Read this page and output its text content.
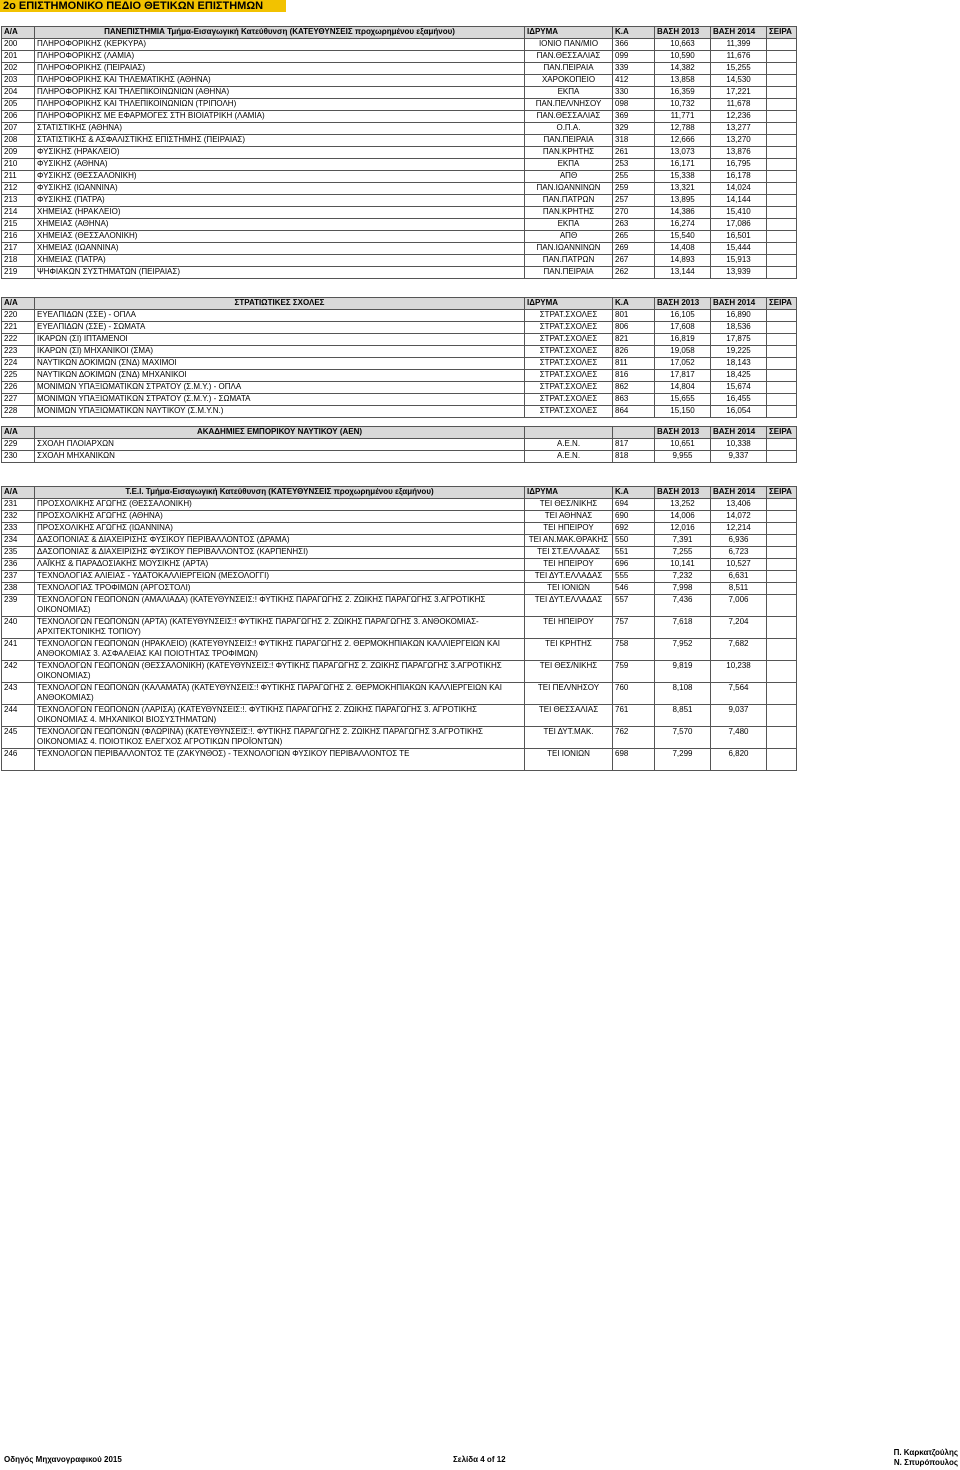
2ο ΕΠΙΣΤΗΜΟΝΙΚΟ ΠΕΔΙΟ ΘΕΤΙΚΩΝ ΕΠΙΣΤΗΜΩΝ
Α/Α	ΠΑΝΕΠΙΣΤΗΜΙΑ Τμήμα-Εισαγωγική Κατεύθυνση (ΚΑΤΕΥΘΥΝΣΕΙΣ προχωρημένου εξαμήνου)	ΙΔΡΥΜΑ	Κ.Α	ΒΑΣΗ 2013	ΒΑΣΗ 2014	ΣΕΙΡΑ
200	ΠΛΗΡΟΦΟΡΙΚΗΣ (ΚΕΡΚΥΡΑ)	ΙΟΝΙΟ ΠΑΝ/ΜΙΟ	366	10,663	11,399	
201	ΠΛΗΡΟΦΟΡΙΚΗΣ (ΛΑΜΙΑ)	ΠΑΝ.ΘΕΣΣΑΛΙΑΣ	099	10,590	11,676	
202	ΠΛΗΡΟΦΟΡΙΚΗΣ (ΠΕΙΡΑΙΑΣ)	ΠΑΝ.ΠΕΙΡΑΙΑ	339	14,382	15,255	
203	ΠΛΗΡΟΦΟΡΙΚΗΣ ΚΑΙ ΤΗΛΕΜΑΤΙΚΗΣ (ΑΘΗΝΑ)	ΧΑΡΟΚΟΠΕΙΟ	412	13,858	14,530	
204	ΠΛΗΡΟΦΟΡΙΚΗΣ ΚΑΙ ΤΗΛΕΠΙΚΟΙΝΩΝΙΩΝ (ΑΘΗΝΑ)	ΕΚΠΑ	330	16,359	17,221	
205	ΠΛΗΡΟΦΟΡΙΚΗΣ ΚΑΙ ΤΗΛΕΠΙΚΟΙΝΩΝΙΩΝ (ΤΡΙΠΟΛΗ)	ΠΑΝ.ΠΕΛ/ΝΗΣΟΥ	098	10,732	11,678	
206	ΠΛΗΡΟΦΟΡΙΚΗΣ ΜΕ ΕΦΑΡΜΟΓΕΣ ΣΤΗ ΒΙΟΙΑΤΡΙΚΗ (ΛΑΜΙΑ)	ΠΑΝ.ΘΕΣΣΑΛΙΑΣ	369	11,771	12,236	
207	ΣΤΑΤΙΣΤΙΚΗΣ (ΑΘΗΝΑ)	Ο.Π.Α.	329	12,788	13,277	
208	ΣΤΑΤΙΣΤΙΚΗΣ & ΑΣΦΑΛΙΣΤΙΚΗΣ ΕΠΙΣΤΗΜΗΣ (ΠΕΙΡΑΙΑΣ)	ΠΑΝ.ΠΕΙΡΑΙΑ	318	12,666	13,270	
209	ΦΥΣΙΚΗΣ (ΗΡΑΚΛΕΙΟ)	ΠΑΝ.ΚΡΗΤΗΣ	261	13,073	13,876	
210	ΦΥΣΙΚΗΣ (ΑΘΗΝΑ)	ΕΚΠΑ	253	16,171	16,795	
211	ΦΥΣΙΚΗΣ (ΘΕΣΣΑΛΟΝΙΚΗ)	ΑΠΘ	255	15,338	16,178	
212	ΦΥΣΙΚΗΣ (ΙΩΑΝΝΙΝΑ)	ΠΑΝ.ΙΩΑΝΝΙΝΩΝ	259	13,321	14,024	
213	ΦΥΣΙΚΗΣ (ΠΑΤΡΑ)	ΠΑΝ.ΠΑΤΡΩΝ	257	13,895	14,144	
214	ΧΗΜΕΙΑΣ (ΗΡΑΚΛΕΙΟ)	ΠΑΝ.ΚΡΗΤΗΣ	270	14,386	15,410	
215	ΧΗΜΕΙΑΣ (ΑΘΗΝΑ)	ΕΚΠΑ	263	16,274	17,086	
216	ΧΗΜΕΙΑΣ (ΘΕΣΣΑΛΟΝΙΚΗ)	ΑΠΘ	265	15,540	16,501	
217	ΧΗΜΕΙΑΣ (ΙΩΑΝΝΙΝΑ)	ΠΑΝ.ΙΩΑΝΝΙΝΩΝ	269	14,408	15,444	
218	ΧΗΜΕΙΑΣ (ΠΑΤΡΑ)	ΠΑΝ.ΠΑΤΡΩΝ	267	14,893	15,913	
219	ΨΗΦΙΑΚΩΝ ΣΥΣΤΗΜΑΤΩΝ (ΠΕΙΡΑΙΑΣ)	ΠΑΝ.ΠΕΙΡΑΙΑ	262	13,144	13,939	
Α/Α	ΣΤΡΑΤΙΩΤΙΚΕΣ ΣΧΟΛΕΣ	ΙΔΡΥΜΑ	Κ.Α	ΒΑΣΗ 2013	ΒΑΣΗ 2014	ΣΕΙΡΑ
220	ΕΥΕΛΠΙΔΩΝ (ΣΣΕ) - ΟΠΛΑ	ΣΤΡΑΤ.ΣΧΟΛΕΣ	801	16,105	16,890	
221	ΕΥΕΛΠΙΔΩΝ (ΣΣΕ) - ΣΩΜΑΤΑ	ΣΤΡΑΤ.ΣΧΟΛΕΣ	806	17,608	18,536	
222	ΙΚΑΡΩΝ (ΣΙ) ΙΠΤΑΜΕΝΟΙ	ΣΤΡΑΤ.ΣΧΟΛΕΣ	821	16,819	17,875	
223	ΙΚΑΡΩΝ (ΣΙ) ΜΗΧΑΝΙΚΟΙ (ΣΜΑ)	ΣΤΡΑΤ.ΣΧΟΛΕΣ	826	19,058	19,225	
224	ΝΑΥΤΙΚΩΝ ΔΟΚΙΜΩΝ (ΣΝΔ) ΜΑΧΙΜΟΙ	ΣΤΡΑΤ.ΣΧΟΛΕΣ	811	17,052	18,143	
225	ΝΑΥΤΙΚΩΝ ΔΟΚΙΜΩΝ (ΣΝΔ) ΜΗΧΑΝΙΚΟΙ	ΣΤΡΑΤ.ΣΧΟΛΕΣ	816	17,817	18,425	
226	ΜΟΝΙΜΩΝ ΥΠΑΞΙΩΜΑΤΙΚΩΝ ΣΤΡΑΤΟΥ (Σ.Μ.Υ.) - ΟΠΛΑ	ΣΤΡΑΤ.ΣΧΟΛΕΣ	862	14,804	15,674	
227	ΜΟΝΙΜΩΝ ΥΠΑΞΙΩΜΑΤΙΚΩΝ ΣΤΡΑΤΟΥ (Σ.Μ.Υ.) - ΣΩΜΑΤΑ	ΣΤΡΑΤ.ΣΧΟΛΕΣ	863	15,655	16,455	
228	ΜΟΝΙΜΩΝ ΥΠΑΞΙΩΜΑΤΙΚΩΝ ΝΑΥΤΙΚΟΥ (Σ.Μ.Υ.Ν.)	ΣΤΡΑΤ.ΣΧΟΛΕΣ	864	15,150	16,054	
Α/Α	ΑΚΑΔΗΜΙΕΣ ΕΜΠΟΡΙΚΟΥ ΝΑΥΤΙΚΟΥ (ΑΕΝ)			ΒΑΣΗ 2013	ΒΑΣΗ 2014	ΣΕΙΡΑ
229	ΣΧΟΛΗ ΠΛΟΙΑΡΧΩΝ	Α.Ε.Ν.	817	10,651	10,338	
230	ΣΧΟΛΗ ΜΗΧΑΝΙΚΩΝ	Α.Ε.Ν.	818	9,955	9,337	
Α/Α	Τ.Ε.Ι. Τμήμα-Εισαγωγική Κατεύθυνση (ΚΑΤΕΥΘΥΝΣΕΙΣ προχωρημένου εξαμήνου)	ΙΔΡΥΜΑ	Κ.Α	ΒΑΣΗ 2013	ΒΑΣΗ 2014	ΣΕΙΡΑ
231	ΠΡΟΣΧΟΛΙΚΗΣ ΑΓΩΓΗΣ (ΘΕΣΣΑΛΟΝΙΚΗ)	ΤΕΙ ΘΕΣ/ΝΙΚΗΣ	694	13,252	13,406	
232	ΠΡΟΣΧΟΛΙΚΗΣ ΑΓΩΓΗΣ (ΑΘΗΝΑ)	ΤΕΙ ΑΘΗΝΑΣ	690	14,006	14,072	
233	ΠΡΟΣΧΟΛΙΚΗΣ ΑΓΩΓΗΣ (ΙΩΑΝΝΙΝΑ)	ΤΕΙ ΗΠΕΙΡΟΥ	692	12,016	12,214	
234	ΔΑΣΟΠΟΝΙΑΣ & ΔΙΑΧΕΙΡΙΣΗΣ ΦΥΣΙΚΟΥ ΠΕΡΙΒΑΛΛΟΝΤΟΣ (ΔΡΑΜΑ)	ΤΕΙ ΑΝ.ΜΑΚ.ΘΡΑΚΗΣ	550	7,391	6,936	
235	ΔΑΣΟΠΟΝΙΑΣ & ΔΙΑΧΕΙΡΙΣΗΣ ΦΥΣΙΚΟΥ ΠΕΡΙΒΑΛΛΟΝΤΟΣ (ΚΑΡΠΕΝΗΣΙ)	ΤΕΙ ΣΤ.ΕΛΛΑΔΑΣ	551	7,255	6,723	
236	ΛΑΪΚΗΣ & ΠΑΡΑΔΟΣΙΑΚΗΣ ΜΟΥΣΙΚΗΣ (ΑΡΤΑ)	ΤΕΙ ΗΠΕΙΡΟΥ	696	10,141	10,527	
237	ΤΕΧΝΟΛΟΓΙΑΣ ΑΛΙΕΙΑΣ - ΥΔΑΤΟΚΑΛΛΙΕΡΓΕΙΩΝ (ΜΕΣΟΛΟΓΓΙ)	ΤΕΙ ΔΥΤ.ΕΛΛΑΔΑΣ	555	7,232	6,631	
238	ΤΕΧΝΟΛΟΓΙΑΣ ΤΡΟΦΙΜΩΝ (ΑΡΓΟΣΤΟΛΙ)	ΤΕΙ ΙΟΝΙΩΝ	546	7,998	8,511	
239	ΤΕΧΝΟΛΟΓΩΝ ΓΕΩΠΟΝΩΝ (ΑΜΑΛΙΑΔΑ) (ΚΑΤΕΥΘΥΝΣΕΙΣ:! ΦΥΤΙΚΗΣ ΠΑΡΑΓΩΓΗΣ 2. ΖΩΙΚΗΣ ΠΑΡΑΓΩΓΗΣ 3.ΑΓΡΟΤΙΚΗΣ ΟΙΚΟΝΟΜΙΑΣ)	ΤΕΙ ΔΥΤ.ΕΛΛΑΔΑΣ	557	7,436	7,006	
240	ΤΕΧΝΟΛΟΓΩΝ ΓΕΩΠΟΝΩΝ (ΑΡΤΑ) (ΚΑΤΕΥΘΥΝΣΕΙΣ:! ΦΥΤΙΚΗΣ ΠΑΡΑΓΩΓΗΣ 2. ΖΩΙΚΗΣ ΠΑΡΑΓΩΓΗΣ 3. ΑΝΘΟΚΟΜΙΑΣ- ΑΡΧΙΤΕΚΤΟΝΙΚΗΣ ΤΟΠΙΟΥ)	ΤΕΙ ΗΠΕΙΡΟΥ	757	7,618	7,204	
241	ΤΕΧΝΟΛΟΓΩΝ ΓΕΩΠΟΝΩΝ (ΗΡΑΚΛΕΙΟ) (ΚΑΤΕΥΘΥΝΣΕΙΣ:! ΦΥΤΙΚΗΣ ΠΑΡΑΓΩΓΗΣ 2. ΘΕΡΜΟΚΗΠΙΑΚΩΝ ΚΑΛΛΙΕΡΓΕΙΩΝ ΚΑΙ ΑΝΘΟΚΟΜΙΑΣ 3. ΑΣΦΑΛΕΙΑΣ ΚΑΙ ΠΟΙΟΤΗΤΑΣ ΤΡΟΦΙΜΩΝ)	ΤΕΙ ΚΡΗΤΗΣ	758	7,952	7,682	
242	ΤΕΧΝΟΛΟΓΩΝ ΓΕΩΠΟΝΩΝ (ΘΕΣΣΑΛΟΝΙΚΗ) (ΚΑΤΕΥΘΥΝΣΕΙΣ:! ΦΥΤΙΚΗΣ ΠΑΡΑΓΩΓΗΣ 2. ΖΩΙΚΗΣ ΠΑΡΑΓΩΓΗΣ 3.ΑΓΡΟΤΙΚΗΣ ΟΙΚΟΝΟΜΙΑΣ)	ΤΕΙ ΘΕΣ/ΝΙΚΗΣ	759	9,819	10,238	
243	ΤΕΧΝΟΛΟΓΩΝ ΓΕΩΠΟΝΩΝ (ΚΑΛΑΜΑΤΑ) (ΚΑΤΕΥΘΥΝΣΕΙΣ:! ΦΥΤΙΚΗΣ ΠΑΡΑΓΩΓΗΣ 2. ΘΕΡΜΟΚΗΠΙΑΚΩΝ ΚΑΛΛΙΕΡΓΕΙΩΝ ΚΑΙ ΑΝΘΟΚΟΜΙΑΣ)	ΤΕΙ ΠΕΛ/ΝΗΣΟΥ	760	8,108	7,564	
244	ΤΕΧΝΟΛΟΓΩΝ ΓΕΩΠΟΝΩΝ (ΛΑΡΙΣΑ) (ΚΑΤΕΥΘΥΝΣΕΙΣ:!. ΦΥΤΙΚΗΣ ΠΑΡΑΓΩΓΗΣ 2. ΖΩΙΚΗΣ ΠΑΡΑΓΩΓΗΣ 3. ΑΓΡΟΤΙΚΗΣ ΟΙΚΟΝΟΜΙΑΣ 4. ΜΗΧΑΝΙΚΟΙ ΒΙΟΣΥΣΤΗΜΑΤΩΝ)	ΤΕΙ ΘΕΣΣΑΛΙΑΣ	761	8,851	9,037	
245	ΤΕΧΝΟΛΟΓΩΝ ΓΕΩΠΟΝΩΝ (ΦΛΩΡΙΝΑ) (ΚΑΤΕΥΘΥΝΣΕΙΣ:!. ΦΥΤΙΚΗΣ ΠΑΡΑΓΩΓΗΣ 2. ΖΩΙΚΗΣ ΠΑΡΑΓΩΓΗΣ 3.ΑΓΡΟΤΙΚΗΣ ΟΙΚΟΝΟΜΙΑΣ 4. ΠΟΙΟΤΙΚΟΣ ΕΛΕΓΧΟΣ ΑΓΡΟΤΙΚΩΝ ΠΡΟΪΟΝΤΩΝ)	ΤΕΙ ΔΥΤ.ΜΑΚ.	762	7,570	7,480	
246	ΤΕΧΝΟΛΟΓΩΝ ΠΕΡΙΒΑΛΛΟΝΤΟΣ ΤΕ (ΖΑΚΥΝΘΟΣ) - ΤΕΧΝΟΛΟΓΙΩΝ ΦΥΣΙΚΟΥ ΠΕΡΙΒΑΛΛΟΝΤΟΣ ΤΕ	ΤΕΙ ΙΟΝΙΩΝ	698	7,299	6,820	
Οδηγός Μηχανογραφικού 2015	Σελίδα 4 of 12
Π. Καρκατζούλης
Ν. Σπυρόπουλος
